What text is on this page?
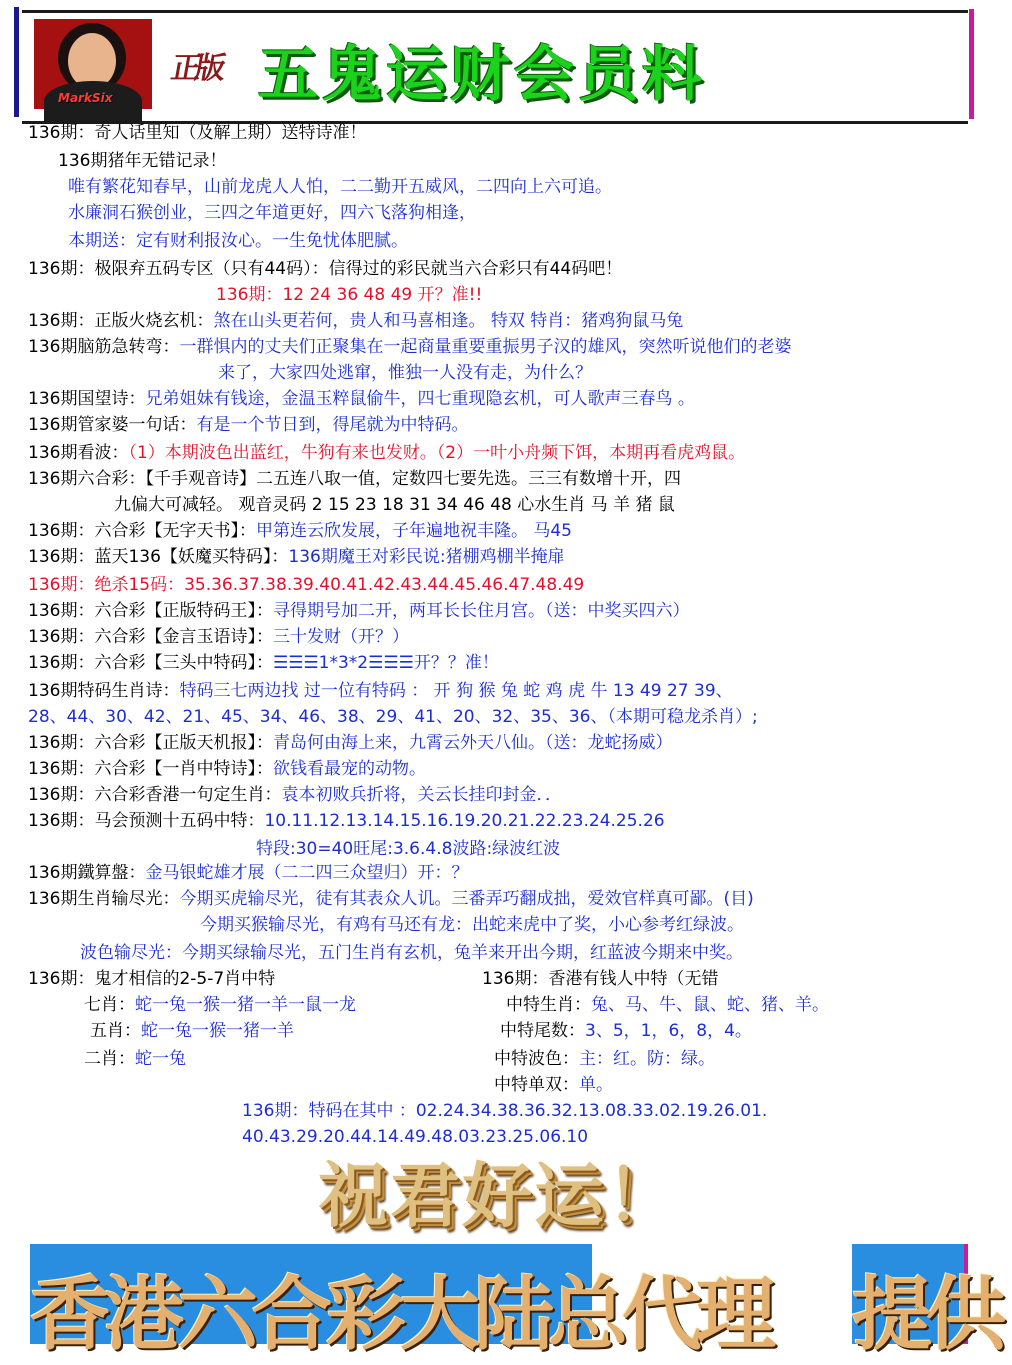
MarkSix
正版 五鬼运财会员料
136期：奇人话里知（及解上期）送特诗准！
136期猪年无错记录！
唯有繁花知春早，山前龙虎人人怕，二二勤开五威风，二四向上六可追。
水廉洞石猴创业，三四之年道更好，四六飞落狗相逢，
本期送：定有财利报汝心。一生免忧体肥腻。
136期：极限弃五码专区（只有44码）：信得过的彩民就当六合彩只有44码吧！
136期：12 24 36 48 49 开？准!!
136期：正版火烧玄机：煞在山头更若何，贵人和马喜相逢。 特双 特肖：猪鸡狗鼠马兔
136期脑筋急转弯：一群惧内的丈夫们正聚集在一起商量重要重振男子汉的雄风，突然听说他们的老婆
来了，大家四处逃窜，惟独一人没有走，为什么？
136期国望诗：兄弟姐妹有钱途，金温玉粹鼠偷牛，四七重现隐玄机，可人歌声三春鸟 。
136期管家婆一句话：有是一个节日到，得尾就为中特码。
136期看波：（1）本期波色出蓝红，牛狗有来也发财。（2）一叶小舟频下饵，本期再看虎鸡鼠。
136期六合彩：【千手观音诗】二五连八取一值，定数四七要先选。三三有数增十开，四
九偏大可减轻。 观音灵码 2 15 23 18 31 34 46 48 心水生肖 马 羊 猪 鼠
136期：六合彩【无字天书】：甲第连云欣发展，子年遍地祝丰隆。 马45
136期：蓝天136【妖魔买特码】：136期魔王对彩民说:猪棚鸡棚半掩扉
136期：绝杀15码：35.36.37.38.39.40.41.42.43.44.45.46.47.48.49
136期：六合彩【正版特码王】：寻得期号加二开，两耳长长住月宫。（送：中奖买四六）
136期：六合彩【金言玉语诗】：三十发财（开？）
136期：六合彩【三头中特码】：☰☰☰1*3*2☰☰☰开？？准！
136期特码生肖诗：特码三七两边找 过一位有特码 ： 开 狗 猴 兔 蛇 鸡 虎 牛 13 49 27 39、
28、44、30、42、21、45、34、46、38、29、41、20、32、35、36、（本期可稳龙杀肖）;
136期：六合彩【正版天机报】：青岛何由海上来，九霄云外天八仙。（送：龙蛇扬威）
136期：六合彩【一肖中特诗】：欲钱看最宠的动物。
136期：六合彩香港一句定生肖：袁本初败兵折将，关云长挂印封金．．
136期：马会预测十五码中特：10.11.12.13.14.15.16.19.20.21.22.23.24.25.26
特段:30=40旺尾:3.6.4.8波路:绿波红波
136期鐵算盤：金马银蛇雄才展（二二四三众望归）开：？
136期生肖输尽光：今期买虎输尽光，徒有其表众人讥。三番弄巧翻成拙，爱效官样真可鄙。(目)
今期买猴输尽光，有鸡有马还有龙：出蛇来虎中了奖，小心参考红绿波。
波色输尽光：今期买绿输尽光，五门生肖有玄机，兔羊来开出今期，红蓝波今期来中奖。
136期：鬼才相信的2-5-7肖中特
七肖：蛇一兔一猴一猪一羊一鼠一龙
五肖：蛇一兔一猴一猪一羊
二肖：蛇一兔
136期：香港有钱人中特（无错
中特生肖：兔、马、牛、鼠、蛇、猪、羊。
中特尾数：3、5，1，6，8，4。
中特波色：主：红。防：绿。
中特单双：单。
136期：特码在其中 ：02.24.34.38.36.32.13.08.33.02.19.26.01.
40.43.29.20.44.14.49.48.03.23.25.06.10
祝君好运！
香港六合彩大陆总代理 提供
